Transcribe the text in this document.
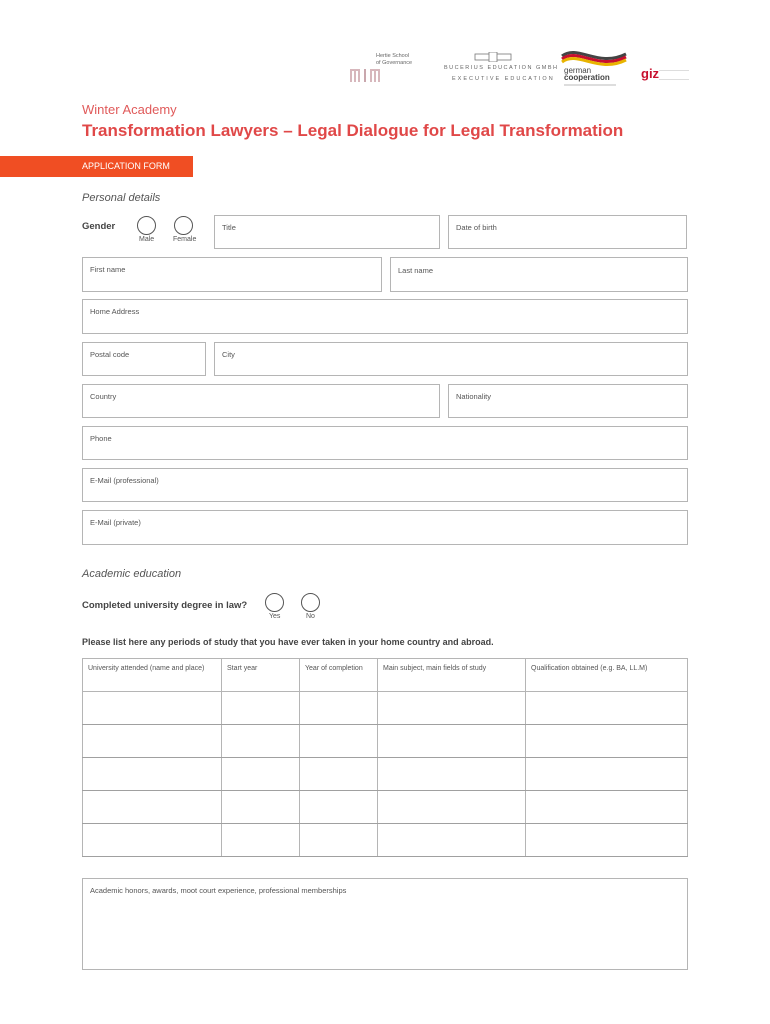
Hertie School
of Governance
BUCERIUS EDUCATION GMBH
EXECUTIVE EDUCATION
german
cooperation giz
Winter Academy
Transformation Lawyers – Legal Dialogue for Legal Transformation
APPLICATION FORM
Personal details
Gender
Male	Female
Title	Date of birth
First name	Last name
Home Address
Postal code	City
Country	Nationality
Phone
E-Mail (professional)
E-Mail (private)
Academic education
Completed university degree in law?
Yes	No
Please list here any periods of study that you have ever taken in your home country and abroad.
University attended (name and place)	Start year	Year of completion	Main subject, main fields of study	Qualification obtained (e.g. BA, LL.M)

Academic honors, awards, moot court experience, professional memberships
